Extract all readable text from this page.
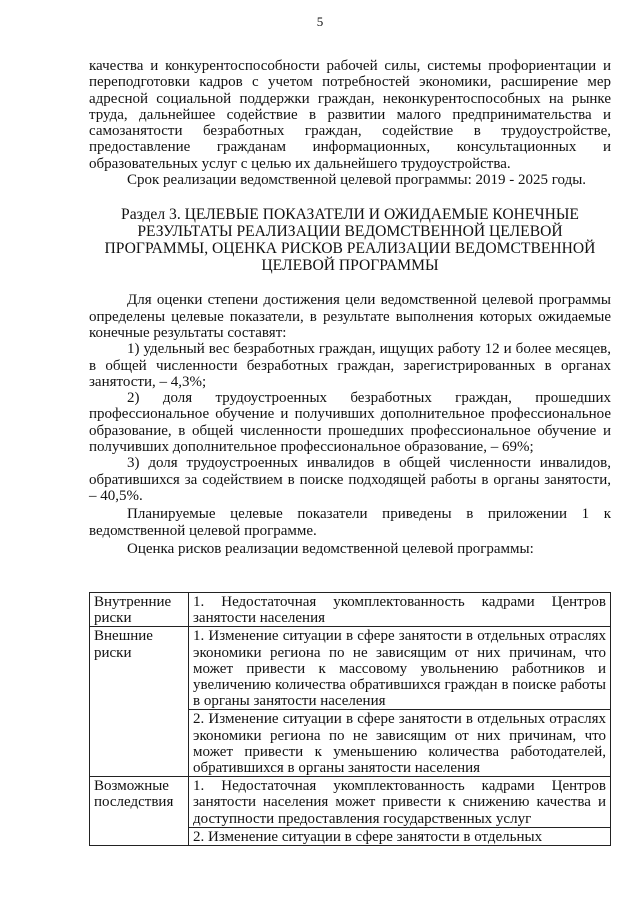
5

качества и конкурентоспособности рабочей силы, системы профориентации и переподготовки кадров с учетом потребностей экономики, расширение мер адресной социальной поддержки граждан, неконкурентоспособных на рынке труда, дальнейшее содействие в развитии малого предпринимательства и самозанятости безработных граждан, содействие в трудоустройстве, предоставление гражданам информационных, консультационных и образовательных услуг с целью их дальнейшего трудоустройства.

Срок реализации ведомственной целевой программы: 2019 - 2025 годы.

Раздел 3. ЦЕЛЕВЫЕ ПОКАЗАТЕЛИ И ОЖИДАЕМЫЕ КОНЕЧНЫЕ
РЕЗУЛЬТАТЫ РЕАЛИЗАЦИИ ВЕДОМСТВЕННОЙ ЦЕЛЕВОЙ
ПРОГРАММЫ, ОЦЕНКА РИСКОВ РЕАЛИЗАЦИИ ВЕДОМСТВЕННОЙ
ЦЕЛЕВОЙ ПРОГРАММЫ

Для оценки степени достижения цели ведомственной целевой программы определены целевые показатели, в результате выполнения которых ожидаемые конечные результаты составят:

1) удельный вес безработных граждан, ищущих работу 12 и более месяцев, в общей численности безработных граждан, зарегистрированных в органах занятости, – 4,3%;

2) доля трудоустроенных безработных граждан, прошедших профессиональное обучение и получивших дополнительное профессиональное образование, в общей численности прошедших профессиональное обучение и получивших дополнительное профессиональное образование, – 69%;

3) доля трудоустроенных инвалидов в общей численности инвалидов, обратившихся за содействием в поиске подходящей работы в органы занятости, – 40,5%.

Планируемые целевые показатели приведены в приложении 1 к ведомственной целевой программе.

Оценка рисков реализации ведомственной целевой программы:

Внутренние риски	1. Недостаточная укомплектованность кадрами Центров занятости населения
Внешние риски	1. Изменение ситуации в сфере занятости в отдельных отраслях экономики региона по не зависящим от них причинам, что может привести к массовому увольнению работников и увеличению количества обратившихся граждан в поиске работы в органы занятости населения
	2. Изменение ситуации в сфере занятости в отдельных отраслях экономики региона по не зависящим от них причинам, что может привести к уменьшению количества работодателей, обратившихся в органы занятости населения
Возможные последствия	1. Недостаточная укомплектованность кадрами Центров занятости населения может привести к снижению качества и доступности предоставления государственных услуг
	2. Изменение ситуации в сфере занятости в отдельных
